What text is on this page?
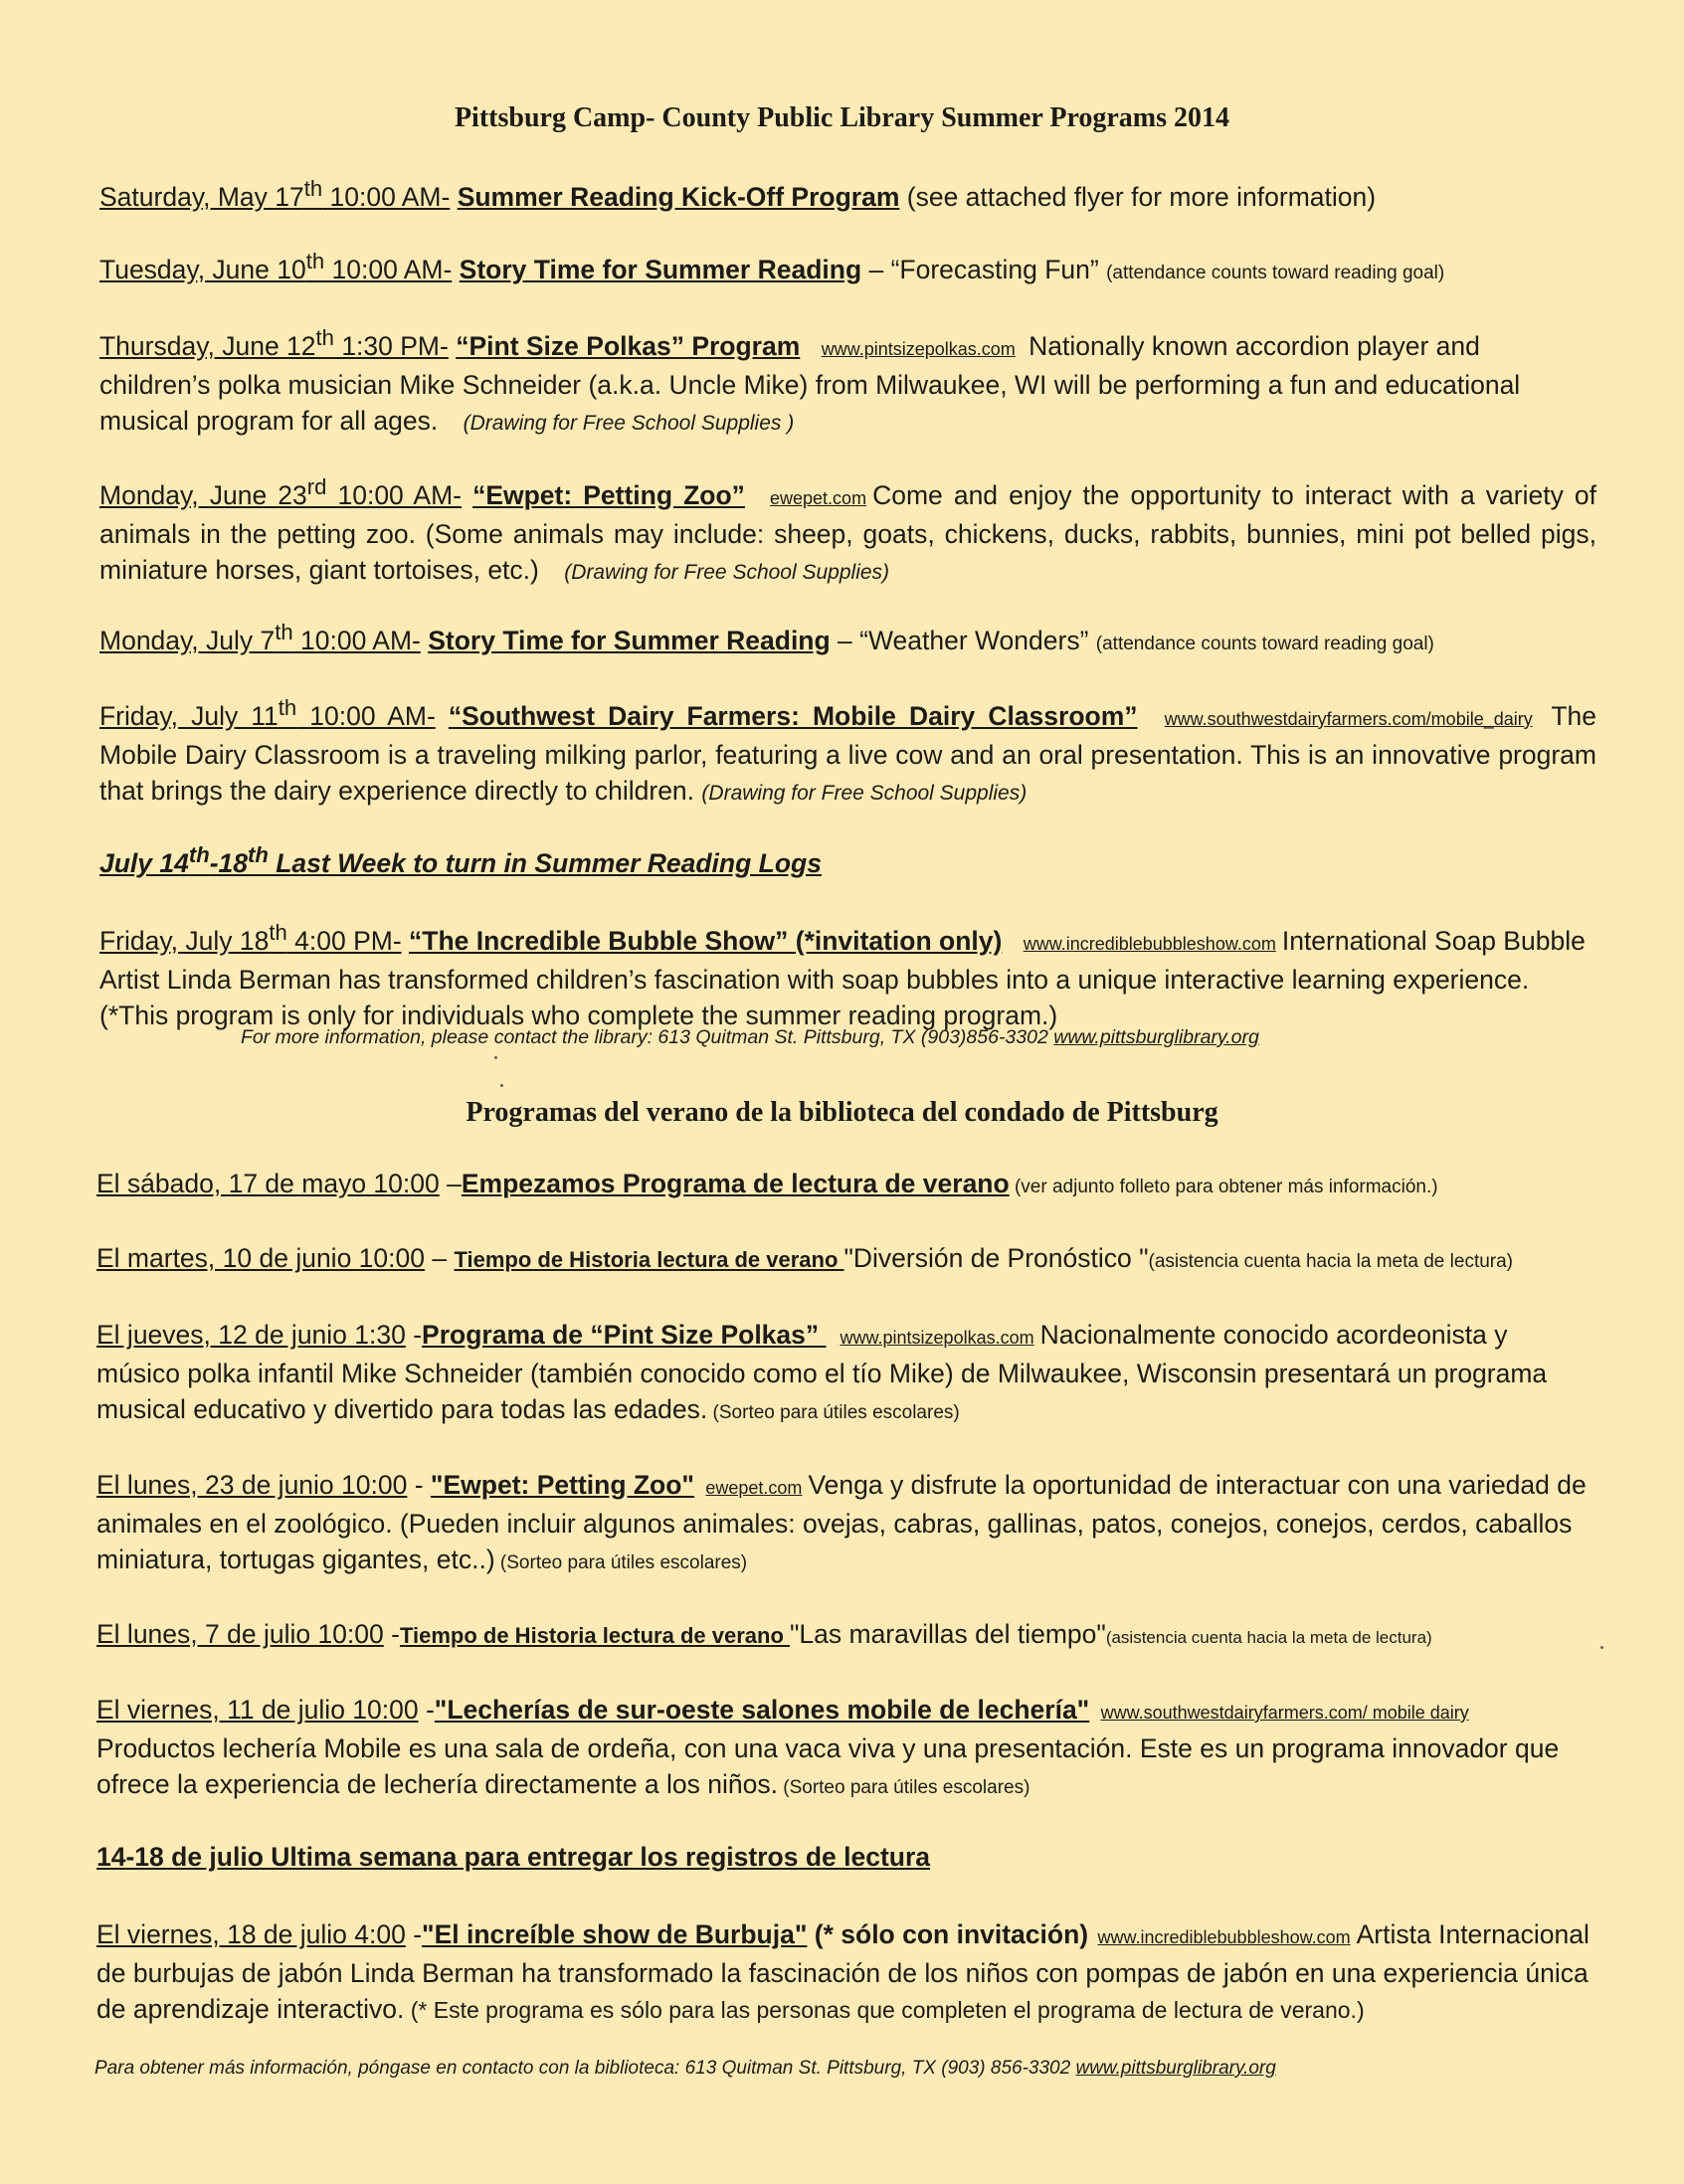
Pittsburg Camp- County Public Library Summer Programs 2014
Saturday, May 17th 10:00 AM- Summer Reading Kick-Off Program (see attached flyer for more information)
Tuesday, June 10th 10:00 AM- Story Time for Summer Reading – “Forecasting Fun” (attendance counts toward reading goal)
Thursday, June 12th 1:30 PM- “Pint Size Polkas” Program www.pintsizepolkas.com Nationally known accordion player and children’s polka musician Mike Schneider (a.k.a. Uncle Mike) from Milwaukee, WI will be performing a fun and educational musical program for all ages. (Drawing for Free School Supplies )
Monday, June 23rd 10:00 AM- “Ewpet: Petting Zoo” ewepet.com Come and enjoy the opportunity to interact with a variety of animals in the petting zoo. (Some animals may include: sheep, goats, chickens, ducks, rabbits, bunnies, mini pot belled pigs, miniature horses, giant tortoises, etc.) (Drawing for Free School Supplies)
Monday, July 7th 10:00 AM- Story Time for Summer Reading – “Weather Wonders” (attendance counts toward reading goal)
Friday, July 11th 10:00 AM- “Southwest Dairy Farmers: Mobile Dairy Classroom” www.southwestdairyfarmers.com/mobile_dairy The Mobile Dairy Classroom is a traveling milking parlor, featuring a live cow and an oral presentation. This is an innovative program that brings the dairy experience directly to children. (Drawing for Free School Supplies)
July 14th-18th Last Week to turn in Summer Reading Logs
Friday, July 18th 4:00 PM- “The Incredible Bubble Show” (*invitation only) www.incrediblebubbleshow.com International Soap Bubble Artist Linda Berman has transformed children’s fascination with soap bubbles into a unique interactive learning experience. (*This program is only for individuals who complete the summer reading program.)
For more information, please contact the library: 613 Quitman St. Pittsburg, TX (903)856-3302 www.pittsburglibrary.org
Programas del verano de la biblioteca del condado de Pittsburg
El sábado, 17 de mayo 10:00 –Empezamos Programa de lectura de verano (ver adjunto folleto para obtener más información.)
El martes, 10 de junio 10:00 – Tiempo de Historia lectura de verano "Diversión de Pronóstico "(asistencia cuenta hacia la meta de lectura)
El jueves, 12 de junio 1:30 -Programa de “Pint Size Polkas” www.pintsizepolkas.com Nacionalmente conocido acordeonista y músico polka infantil Mike Schneider (también conocido como el tío Mike) de Milwaukee, Wisconsin presentará un programa musical educativo y divertido para todas las edades. (Sorteo para útiles escolares)
El lunes, 23 de junio 10:00 - "Ewpet: Petting Zoo" ewepet.com Venga y disfrute la oportunidad de interactuar con una variedad de animales en el zoológico. (Pueden incluir algunos animales: ovejas, cabras, gallinas, patos, conejos, conejos, cerdos, caballos miniatura, tortugas gigantes, etc..) (Sorteo para útiles escolares)
El lunes, 7 de julio 10:00 -Tiempo de Historia lectura de verano "Las maravillas del tiempo"(asistencia cuenta hacia la meta de lectura)
El viernes, 11 de julio 10:00 -"Lecherías de sur-oeste salones mobile de lechería" www.southwestdairyfarmers.com/ mobile dairy Productos lechería Mobile es una sala de ordeña, con una vaca viva y una presentación. Este es un programa innovador que ofrece la experiencia de lechería directamente a los niños. (Sorteo para útiles escolares)
14-18 de julio Ultima semana para entregar los registros de lectura
El viernes, 18 de julio 4:00 -"El increíble show de Burbuja" (* sólo con invitación) www.incrediblebubbleshow.com Artista Internacional de burbujas de jabón Linda Berman ha transformado la fascinación de los niños con pompas de jabón en una experiencia única de aprendizaje interactivo. (* Este programa es sólo para las personas que completen el programa de lectura de verano.)
Para obtener más información, póngase en contacto con la biblioteca: 613 Quitman St. Pittsburg, TX (903) 856-3302 www.pittsburglibrary.org
